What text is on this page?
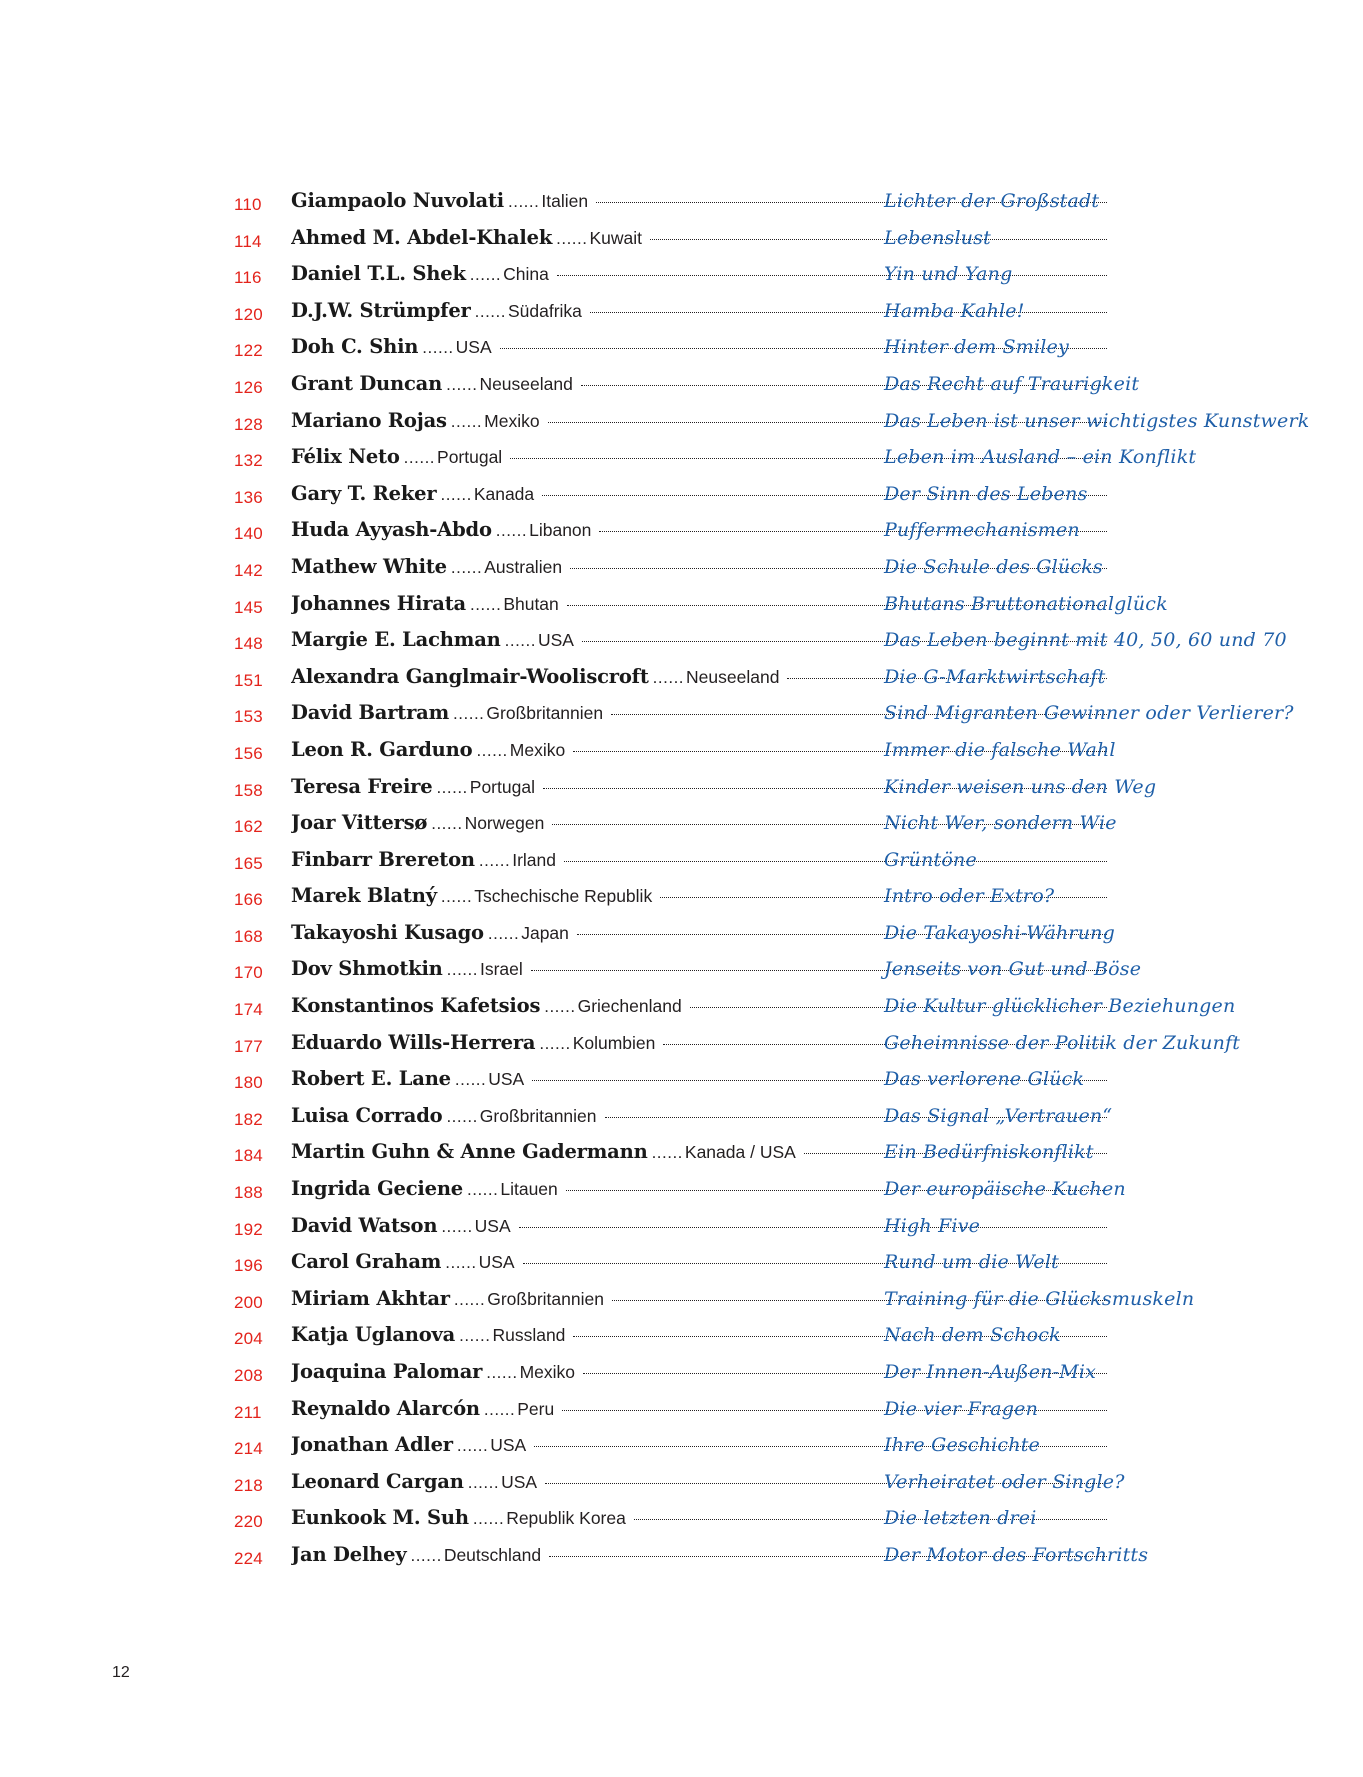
110 Giampaolo Nuvolati ...... Italien	Lichter der Großstadt
114 Ahmed M. Abdel-Khalek ...... Kuwait	Lebenslust
116 Daniel T.L. Shek ...... China	Yin und Yang
120 D.J.W. Strümpfer ...... Südafrika	Hamba Kahle!
122 Doh C. Shin ...... USA	Hinter dem Smiley
126 Grant Duncan ...... Neuseeland	Das Recht auf Traurigkeit
128 Mariano Rojas ...... Mexiko	Das Leben ist unser wichtigstes Kunstwerk
132 Félix Neto ...... Portugal	Leben im Ausland – ein Konflikt
136 Gary T. Reker ...... Kanada	Der Sinn des Lebens
140 Huda Ayyash-Abdo ...... Libanon	Puffermechanismen
142 Mathew White ...... Australien	Die Schule des Glücks
145 Johannes Hirata ...... Bhutan	Bhutans Bruttonationalglück
148 Margie E. Lachman ...... USA	Das Leben beginnt mit 40, 50, 60 und 70
151 Alexandra Ganglmair-Wooliscroft ...... Neuseeland	Die G-Marktwirtschaft
153 David Bartram ...... Großbritannien	Sind Migranten Gewinner oder Verlierer?
156 Leon R. Garduno ...... Mexiko	Immer die falsche Wahl
158 Teresa Freire ...... Portugal	Kinder weisen uns den Weg
162 Joar Vittersø ...... Norwegen	Nicht Wer, sondern Wie
165 Finbarr Brereton ...... Irland	Grüntöne
166 Marek Blatný ...... Tschechische Republik	Intro oder Extro?
168 Takayoshi Kusago ...... Japan	Die Takayoshi-Währung
170 Dov Shmotkin ...... Israel	Jenseits von Gut und Böse
174 Konstantinos Kafetsios ...... Griechenland	Die Kultur glücklicher Beziehungen
177 Eduardo Wills-Herrera ...... Kolumbien	Geheimnisse der Politik der Zukunft
180 Robert E. Lane ...... USA	Das verlorene Glück
182 Luisa Corrado ...... Großbritannien	Das Signal „Vertrauen“
184 Martin Guhn & Anne Gadermann ...... Kanada / USA	Ein Bedürfniskonflikt
188 Ingrida Geciene ...... Litauen	Der europäische Kuchen
192 David Watson ...... USA	High Five
196 Carol Graham ...... USA	Rund um die Welt
200 Miriam Akhtar ...... Großbritannien	Training für die Glücksmuskeln
204 Katja Uglanova ...... Russland	Nach dem Schock
208 Joaquina Palomar ...... Mexiko	Der Innen-Außen-Mix
211 Reynaldo Alarcón ...... Peru	Die vier Fragen
214 Jonathan Adler ...... USA	Ihre Geschichte
218 Leonard Cargan ...... USA	Verheiratet oder Single?
220 Eunkook M. Suh ...... Republik Korea	Die letzten drei
224 Jan Delhey ...... Deutschland	Der Motor des Fortschritts
12
